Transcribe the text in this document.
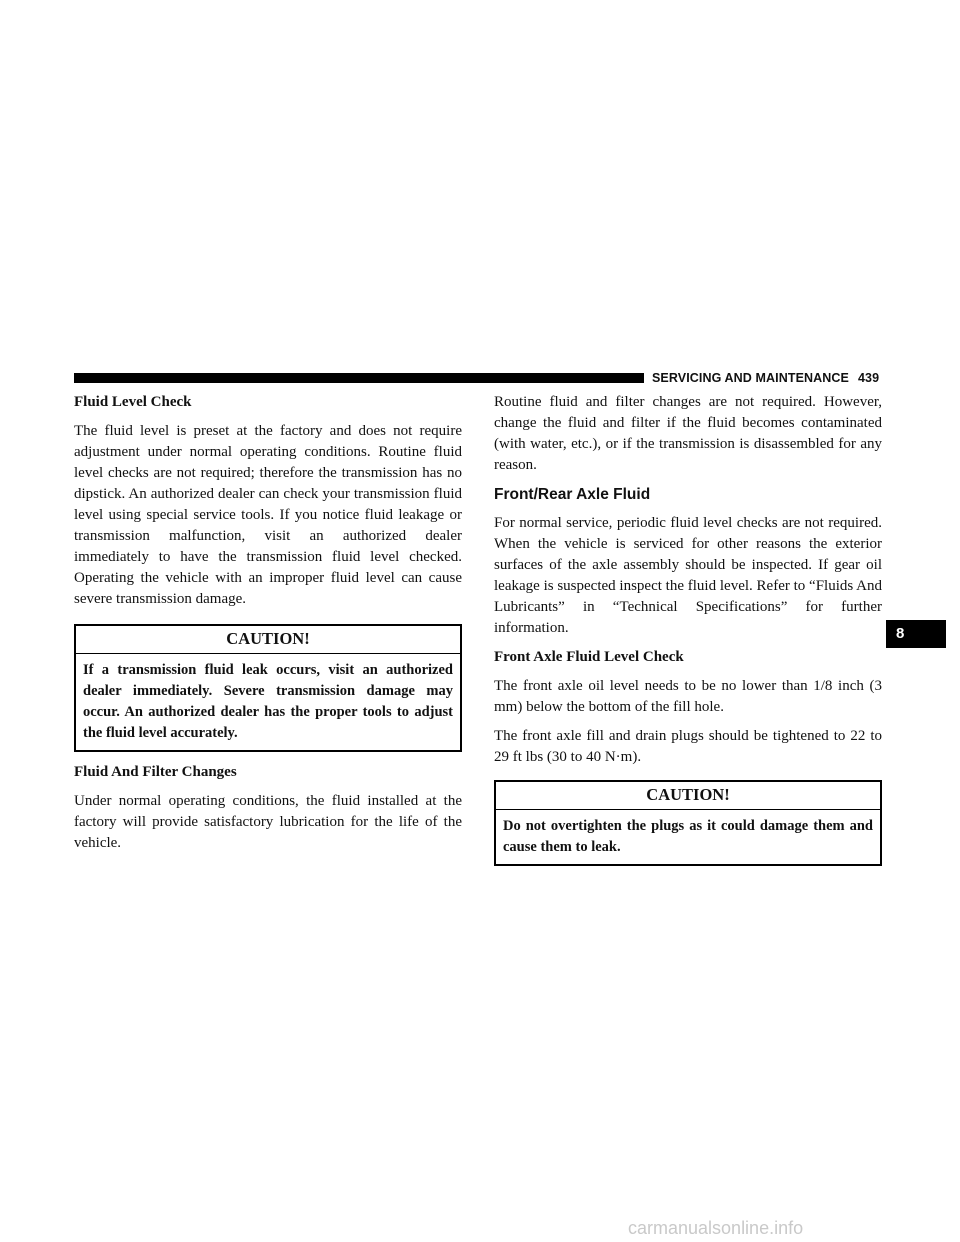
SERVICING AND MAINTENANCE 439
Fluid Level Check

The fluid level is preset at the factory and does not require adjustment under normal operating conditions. Routine fluid level checks are not required; therefore the transmission has no dipstick. An authorized dealer can check your transmission fluid level using special service tools. If you notice fluid leakage or transmission malfunction, visit an authorized dealer immediately to have the transmission fluid level checked. Operating the vehicle with an improper fluid level can cause severe transmission damage.

CAUTION!
If a transmission fluid leak occurs, visit an authorized dealer immediately. Severe transmission damage may occur. An authorized dealer has the proper tools to adjust the fluid level accurately.
Fluid And Filter Changes

Under normal operating conditions, the fluid installed at the factory will provide satisfactory lubrication for the life of the vehicle.

Routine fluid and filter changes are not required. However, change the fluid and filter if the fluid becomes contaminated (with water, etc.), or if the transmission is disassembled for any reason.

Front/Rear Axle Fluid

For normal service, periodic fluid level checks are not required. When the vehicle is serviced for other reasons the exterior surfaces of the axle assembly should be inspected. If gear oil leakage is suspected inspect the fluid level. Refer to “Fluids And Lubricants” in “Technical Specifications” for further information.

Front Axle Fluid Level Check

The front axle oil level needs to be no lower than 1/8 inch (3 mm) below the bottom of the fill hole.

The front axle fill and drain plugs should be tightened to 22 to 29 ft lbs (30 to 40 N·m).

CAUTION!
Do not overtighten the plugs as it could damage them and cause them to leak.
8
carmanualsonline.info
